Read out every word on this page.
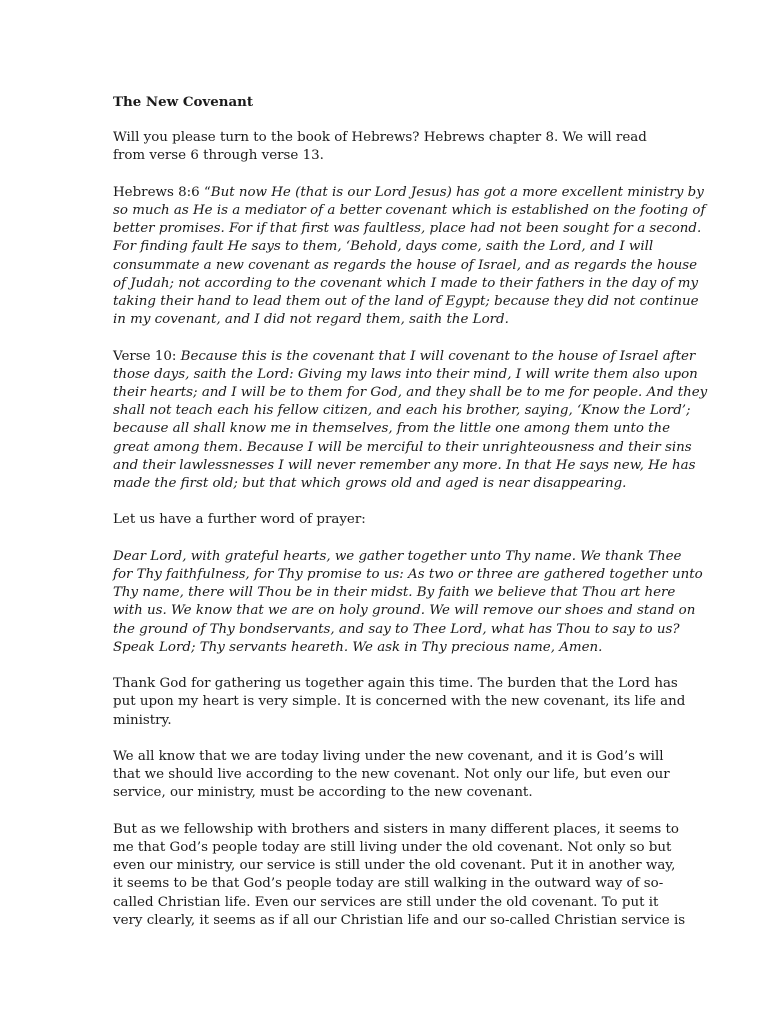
The New Covenant
Will you please turn to the book of Hebrews? Hebrews chapter 8. We will read
from verse 6 through verse 13.
Hebrews 8:6 “But now He (that is our Lord Jesus) has got a more excellent ministry by
so much as He is a mediator of a better covenant which is established on the footing of
better promises. For if that first was faultless, place had not been sought for a second.
For finding fault He says to them, ‘Behold, days come, saith the Lord, and I will
consummate a new covenant as regards the house of Israel, and as regards the house
of Judah; not according to the covenant which I made to their fathers in the day of my
taking their hand to lead them out of the land of Egypt; because they did not continue
in my covenant, and I did not regard them, saith the Lord.
Verse 10: Because this is the covenant that I will covenant to the house of Israel after
those days, saith the Lord: Giving my laws into their mind, I will write them also upon
their hearts; and I will be to them for God, and they shall be to me for people. And they
shall not teach each his fellow citizen, and each his brother, saying, ‘Know the Lord’;
because all shall know me in themselves, from the little one among them unto the
great among them. Because I will be merciful to their unrighteousness and their sins
and their lawlessnesses I will never remember any more. In that He says new, He has
made the first old; but that which grows old and aged is near disappearing.
Let us have a further word of prayer:
Dear Lord, with grateful hearts, we gather together unto Thy name. We thank Thee
for Thy faithfulness, for Thy promise to us: As two or three are gathered together unto
Thy name, there will Thou be in their midst. By faith we believe that Thou art here
with us. We know that we are on holy ground. We will remove our shoes and stand on
the ground of Thy bondservants, and say to Thee Lord, what has Thou to say to us?
Speak Lord; Thy servants heareth. We ask in Thy precious name, Amen.
Thank God for gathering us together again this time. The burden that the Lord has
put upon my heart is very simple. It is concerned with the new covenant, its life and
ministry.
We all know that we are today living under the new covenant, and it is God’s will
that we should live according to the new covenant. Not only our life, but even our
service, our ministry, must be according to the new covenant.
But as we fellowship with brothers and sisters in many different places, it seems to
me that God’s people today are still living under the old covenant. Not only so but
even our ministry, our service is still under the old covenant. Put it in another way,
it seems to be that God’s people today are still walking in the outward way of so-
called Christian life. Even our services are still under the old covenant. To put it
very clearly, it seems as if all our Christian life and our so-called Christian service is
